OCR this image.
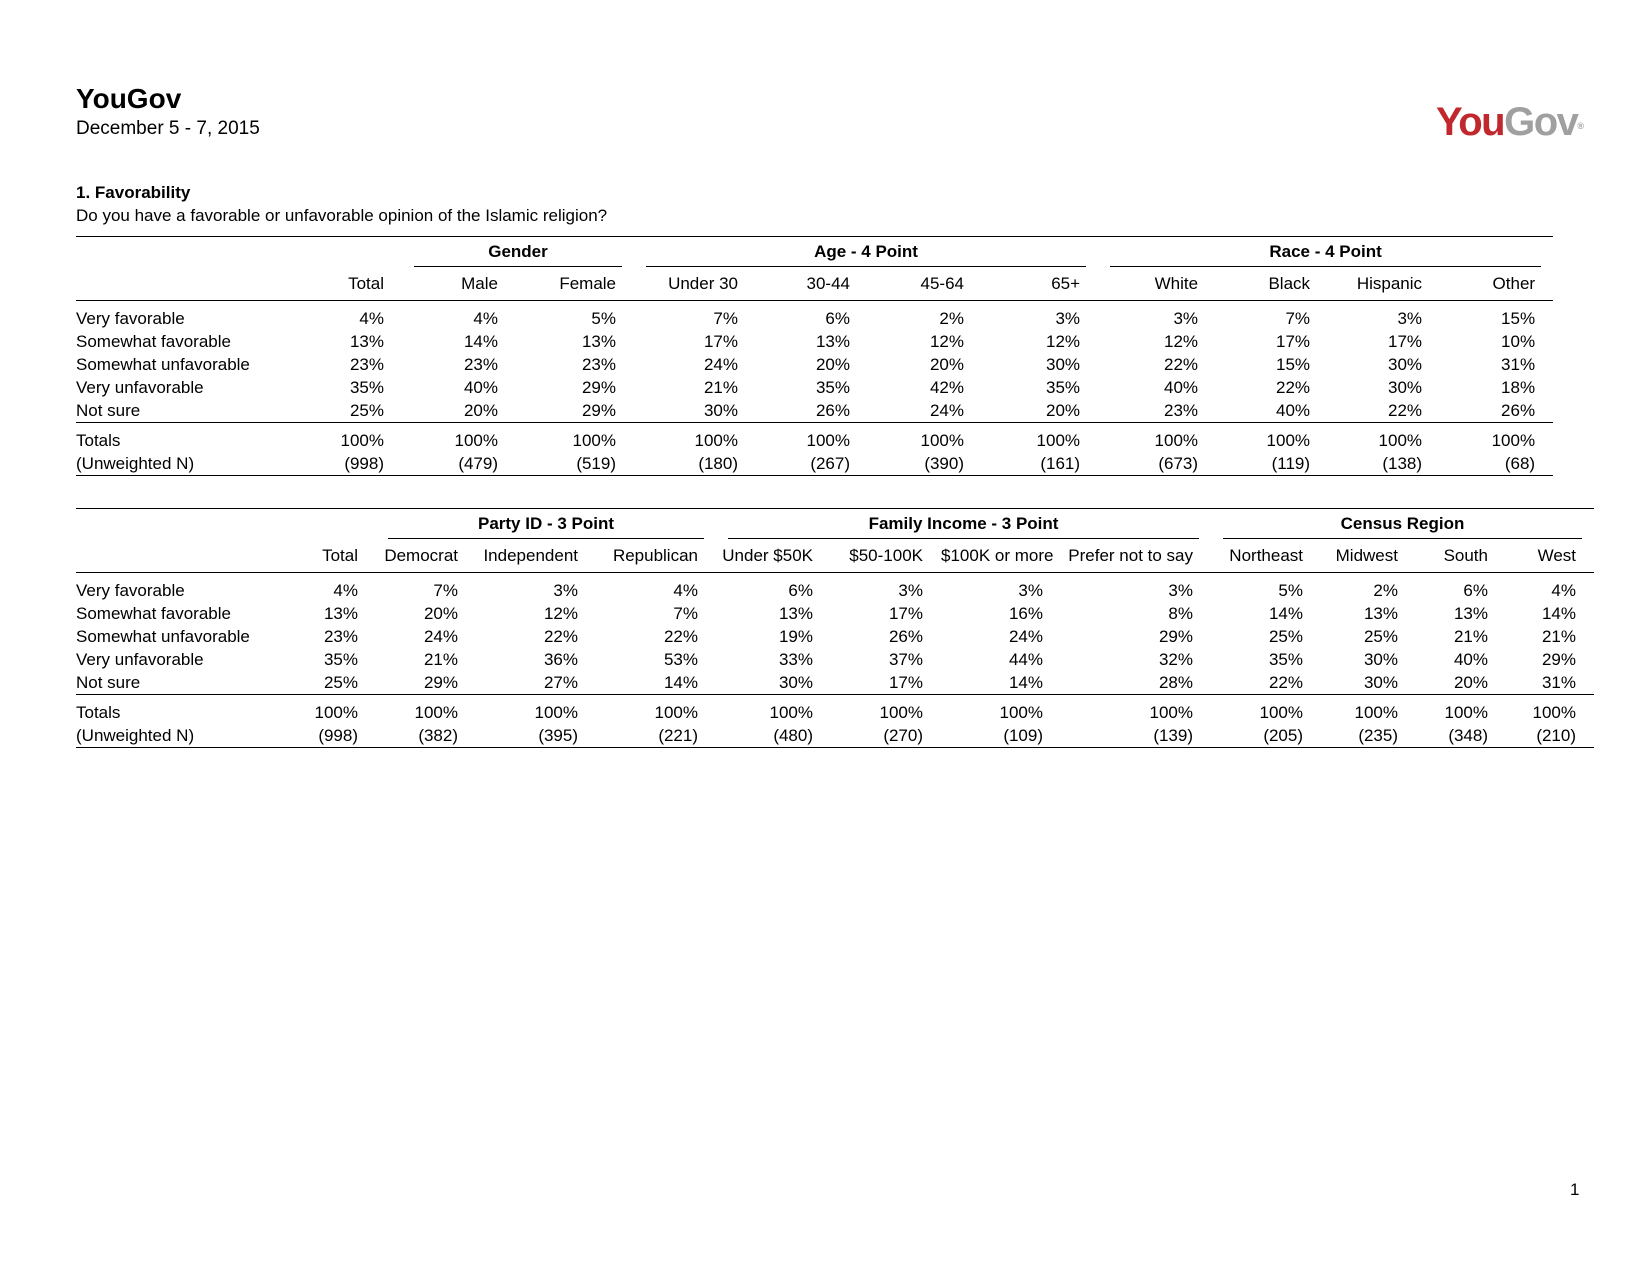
YouGov
December 5 - 7, 2015	YouGov®
1. Favorability
Do you have a favorable or unfavorable opinion of the Islamic religion?

		Gender		Age - 4 Point				Race - 4 Point			

	Total	Male	Female	Under 30	30-44	45-64	65+	White	Black	Hispanic	Other
Very favorable	4%	4%	5%	7%	6%	2%	3%	3%	7%	3%	15%
Somewhat favorable	13%	14%	13%	17%	13%	12%	12%	12%	17%	17%	10%
Somewhat unfavorable	23%	23%	23%	24%	20%	20%	30%	22%	15%	30%	31%
Very unfavorable	35%	40%	29%	21%	35%	42%	35%	40%	22%	30%	18%
Not sure	25%	20%	29%	30%	26%	24%	20%	23%	40%	22%	26%
Totals	100%	100%	100%	100%	100%	100%	100%	100%	100%	100%	100%
(Unweighted N)	(998)	(479)	(519)	(180)	(267)	(390)	(161)	(673)	(119)	(138)	(68)

		Party ID - 3 Point			Family Income - 3 Point				Census Region			

	Total	Democrat	Independent	Republican	Under $50K	$50-100K	$100K or more	Prefer not to say	Northeast	Midwest	South	West
Very favorable	4%	7%	3%	4%	6%	3%	3%	3%	5%	2%	6%	4%
Somewhat favorable	13%	20%	12%	7%	13%	17%	16%	8%	14%	13%	13%	14%
Somewhat unfavorable	23%	24%	22%	22%	19%	26%	24%	29%	25%	25%	21%	21%
Very unfavorable	35%	21%	36%	53%	33%	37%	44%	32%	35%	30%	40%	29%
Not sure	25%	29%	27%	14%	30%	17%	14%	28%	22%	30%	20%	31%
Totals	100%	100%	100%	100%	100%	100%	100%	100%	100%	100%	100%	100%
(Unweighted N)	(998)	(382)	(395)	(221)	(480)	(270)	(109)	(139)	(205)	(235)	(348)	(210)
1
